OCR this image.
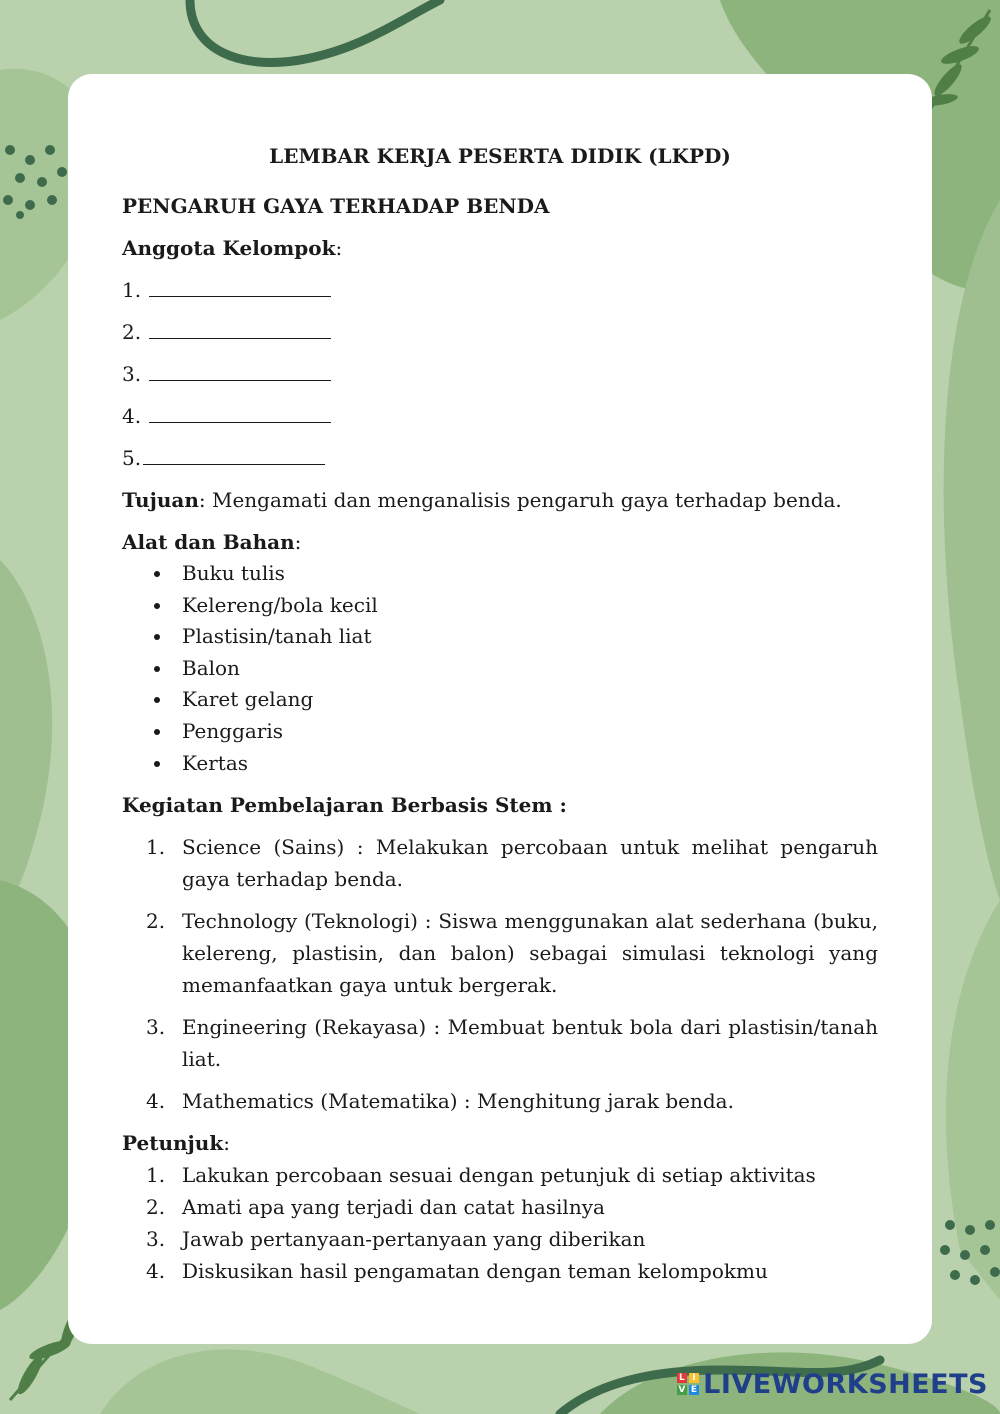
LEMBAR KERJA PESERTA DIDIK (LKPD)
PENGARUH GAYA TERHADAP BENDA
Anggota Kelompok:
1.
2.
3.
4.
5.
Tujuan: Mengamati dan menganalisis pengaruh gaya terhadap benda.
Alat dan Bahan:
Buku tulis
Kelereng/bola kecil
Plastisin/tanah liat
Balon
Karet gelang
Penggaris
Kertas
Kegiatan Pembelajaran Berbasis Stem :
1. Science (Sains) : Melakukan percobaan untuk melihat pengaruh gaya terhadap benda.
2. Technology (Teknologi) : Siswa menggunakan alat sederhana (buku, kelereng, plastisin, dan balon) sebagai simulasi teknologi yang memanfaatkan gaya untuk bergerak.
3. Engineering (Rekayasa) : Membuat bentuk bola dari plastisin/tanah liat.
4. Mathematics (Matematika) : Menghitung jarak benda.
Petunjuk:
1. Lakukan percobaan sesuai dengan petunjuk di setiap aktivitas
2. Amati apa yang terjadi dan catat hasilnya
3. Jawab pertanyaan-pertanyaan yang diberikan
4. Diskusikan hasil pengamatan dengan teman kelompokmu
L I
V E LIVEWORKSHEETS
